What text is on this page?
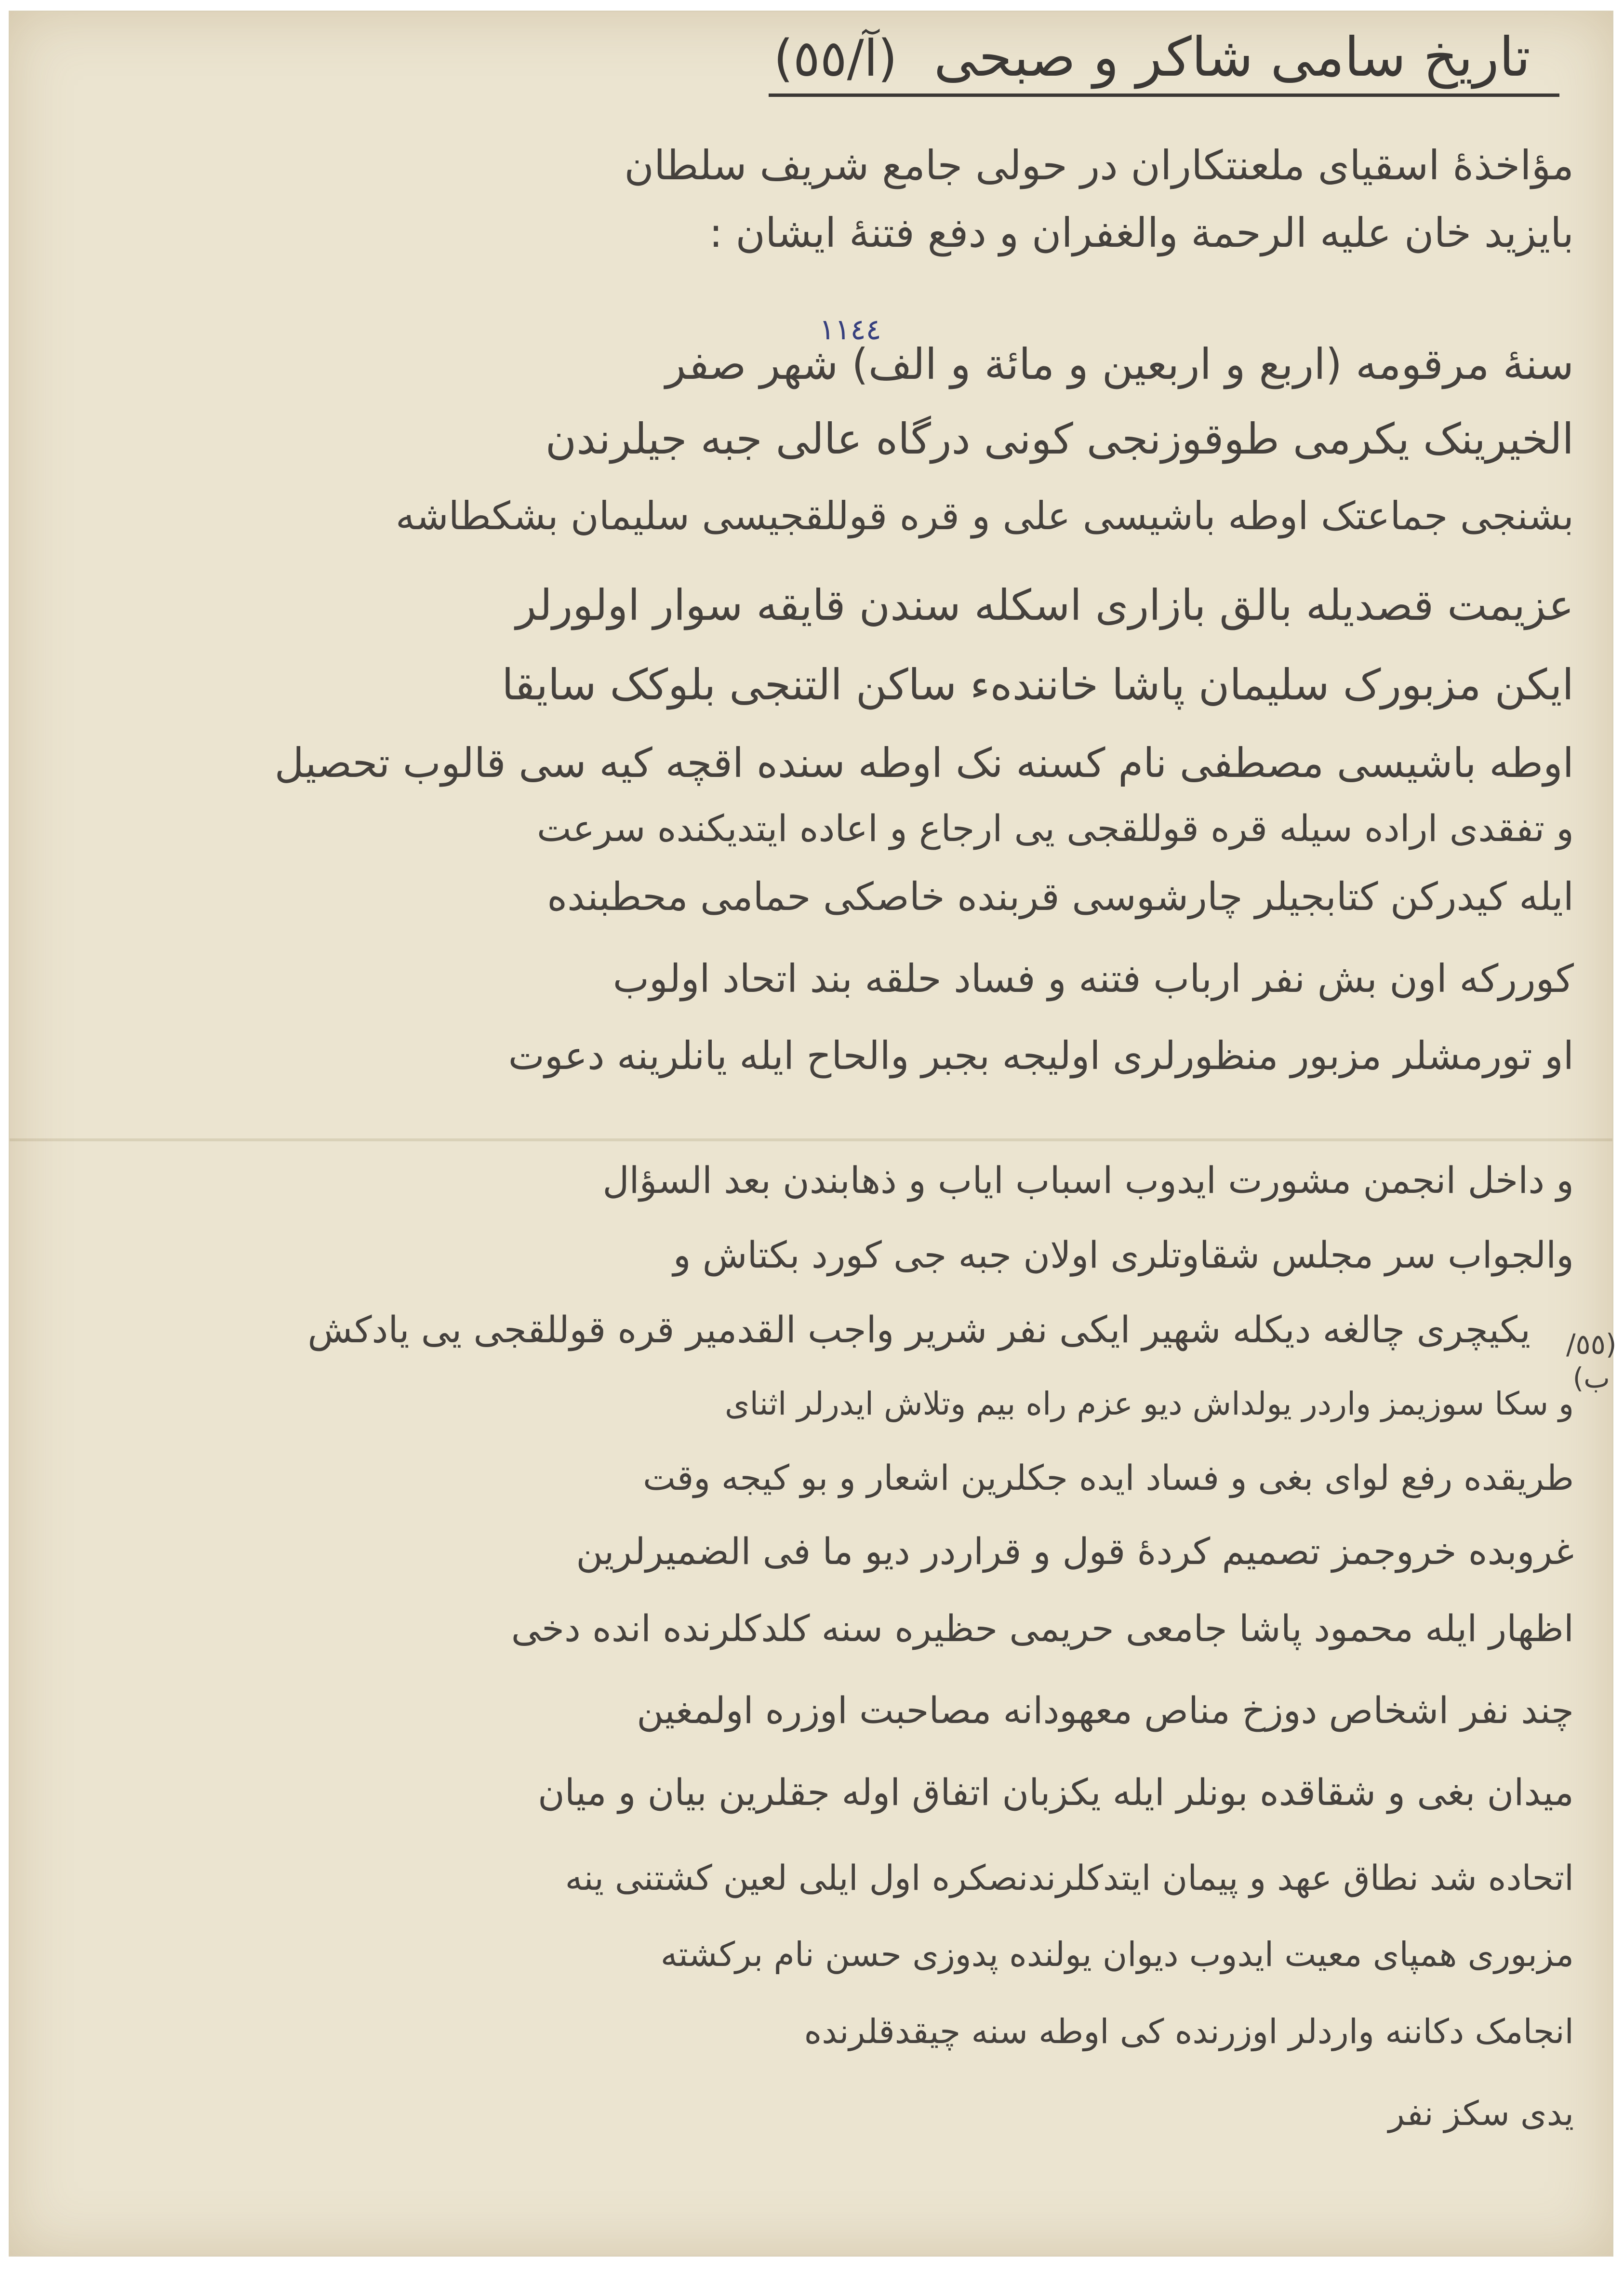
تاريخ سامی شاکر و صبحی (آ/٥٥)
١١٤٤
مؤاخذهٔ اسقیای ملعنتکاران در حولی جامع شریف سلطان
بایزید خان علیه الرحمة والغفران و دفع فتنهٔ ایشان :
سنهٔ مرقومه (اربع و اربعین و مائة و الف) شهر صفر
الخیرینک یکرمی طوقوزنجی کونی درگاه عالی جبه جیلرندن
بشنجی جماعتک اوطه باشیسی علی و قره قوللقجیسی سلیمان بشکطاشه
عزیمت قصدیله بالق بازاری اسکله سندن قایقه سوار اولورلر
ایکن مزبورک سلیمان پاشا خانندهء ساکن التنجی بلوکک سایقا
اوطه باشیسی مصطفی نام کسنه نک اوطه سنده اقچه کیه سی قالوب تحصیل
و تفقدی اراده سیله قره قوللقجی یی ارجاع و اعاده ایتدیکنده سرعت
ایله کیدرکن کتابجیلر چارشوسی قربنده خاصکی حمامی محطبنده
کوررکه اون بش نفر ارباب فتنه و فساد حلقه بند اتحاد اولوب
او تورمشلر مزبور منظورلری اولیجه بجبر والحاح ایله یانلرینه دعوت
و داخل انجمن مشورت ایدوب اسباب ایاب و ذهابندن بعد السؤال
والجواب سر مجلس شقاوتلری اولان جبه جی کورد بکتاش و
یکیچری چالغه دیکله شهیر ایکی نفر شریر واجب القدمیر قره قوللقجی یی یادکش
و سکا سوزیمز واردر یولداش دیو عزم راه بیم وتلاش ایدرلر اثنای
طریقده رفع لوای بغی و فساد ایده جکلرین اشعار و بو کیجه وقت
غروبده خروجمز تصمیم کردهٔ قول و قراردر دیو ما فی الضمیرلرین
اظهار ایله محمود پاشا جامعی حریمی حظیره سنه کلدکلرنده انده دخی
چند نفر اشخاص دوزخ مناص معهودانه مصاحبت اوزره اولمغین
میدان بغی و شقاقده بونلر ایله یکزبان اتفاق اوله جقلرین بیان و میان
اتحاده شد نطاق عهد و پیمان ایتدکلرندنصکره اول ایلی لعین کشتنی ینه
مزبوری همپای معیت ایدوب دیوان یولنده پدوزی حسن نام برکشته
انجامک دکاننه واردلر اوزرنده کی اوطه سنه چیقدقلرنده
یدی سکز نفر
(٥٥/ب)
